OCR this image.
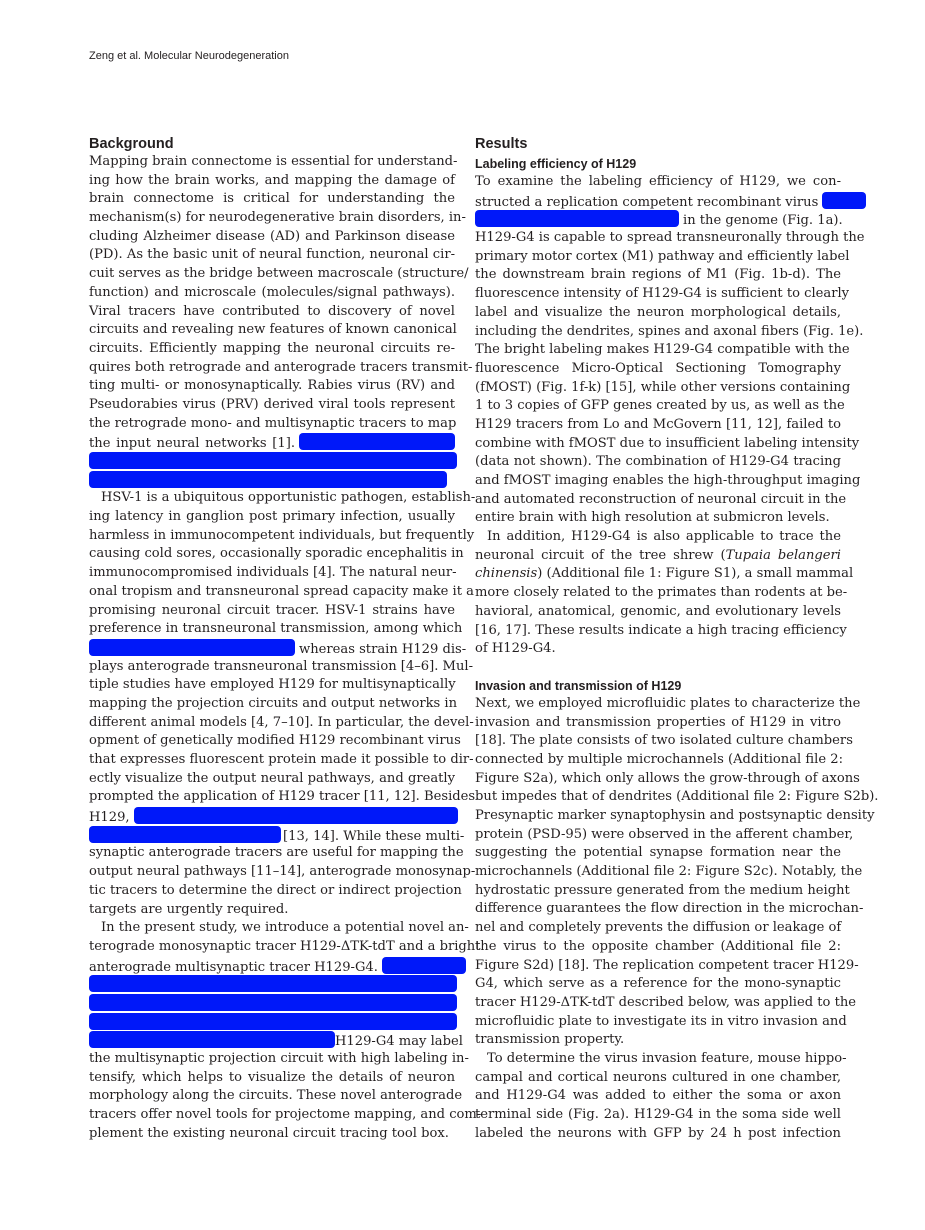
Zeng et al. Molecular Neurodegeneration
Background
Mapping brain connectome is essential for understand-
ing how the brain works, and mapping the damage of
brain connectome is critical for understanding the
mechanism(s) for neurodegenerative brain disorders, in-
cluding Alzheimer disease (AD) and Parkinson disease
(PD). As the basic unit of neural function, neuronal cir-
cuit serves as the bridge between macroscale (structure/
function) and microscale (molecules/signal pathways).
Viral tracers have contributed to discovery of novel
circuits and revealing new features of known canonical
circuits. Efficiently mapping the neuronal circuits re-
quires both retrograde and anterograde tracers transmit-
ting multi- or monosynaptically. Rabies virus (RV) and
Pseudorabies virus (PRV) derived viral tools represent
the retrograde mono- and multisynaptic tracers to map
the input neural networks [1].
HSV-1 is a ubiquitous opportunistic pathogen, establish-
ing latency in ganglion post primary infection, usually
harmless in immunocompetent individuals, but frequently
causing cold sores, occasionally sporadic encephalitis in
immunocompromised individuals [4]. The natural neur-
onal tropism and transneuronal spread capacity make it a
promising neuronal circuit tracer. HSV-1 strains have
preference in transneuronal transmission, among which
whereas strain H129 dis-
plays anterograde transneuronal transmission [4–6]. Mul-
tiple studies have employed H129 for multisynaptically
mapping the projection circuits and output networks in
different animal models [4, 7–10]. In particular, the devel-
opment of genetically modified H129 recombinant virus
that expresses fluorescent protein made it possible to dir-
ectly visualize the output neural pathways, and greatly
prompted the application of H129 tracer [11, 12]. Besides
H129,
[13, 14]. While these multi-
synaptic anterograde tracers are useful for mapping the
output neural pathways [11–14], anterograde monosynap-
tic tracers to determine the direct or indirect projection
targets are urgently required.
In the present study, we introduce a potential novel an-
terograde monosynaptic tracer H129-ΔTK-tdT and a bright
anterograde multisynaptic tracer H129-G4.
H129-G4 may label
the multisynaptic projection circuit with high labeling in-
tensify, which helps to visualize the details of neuron
morphology along the circuits. These novel anterograde
tracers offer novel tools for projectome mapping, and com-
plement the existing neuronal circuit tracing tool box.
Results
Labeling efficiency of H129
To examine the labeling efficiency of H129, we con-
structed a replication competent recombinant virus
in the genome (Fig. 1a).
H129-G4 is capable to spread transneuronally through the
primary motor cortex (M1) pathway and efficiently label
the downstream brain regions of M1 (Fig. 1b-d). The
fluorescence intensity of H129-G4 is sufficient to clearly
label and visualize the neuron morphological details,
including the dendrites, spines and axonal fibers (Fig. 1e).
The bright labeling makes H129-G4 compatible with the
fluorescence Micro-Optical Sectioning Tomography
(fMOST) (Fig. 1f-k) [15], while other versions containing
1 to 3 copies of GFP genes created by us, as well as the
H129 tracers from Lo and McGovern [11, 12], failed to
combine with fMOST due to insufficient labeling intensity
(data not shown). The combination of H129-G4 tracing
and fMOST imaging enables the high-throughput imaging
and automated reconstruction of neuronal circuit in the
entire brain with high resolution at submicron levels.
In addition, H129-G4 is also applicable to trace the
neuronal circuit of the tree shrew (Tupaia belangeri
chinensis) (Additional file 1: Figure S1), a small mammal
more closely related to the primates than rodents at be-
havioral, anatomical, genomic, and evolutionary levels
[16, 17]. These results indicate a high tracing efficiency
of H129-G4.
Invasion and transmission of H129
Next, we employed microfluidic plates to characterize the
invasion and transmission properties of H129 in vitro
[18]. The plate consists of two isolated culture chambers
connected by multiple microchannels (Additional file 2:
Figure S2a), which only allows the grow-through of axons
but impedes that of dendrites (Additional file 2: Figure S2b).
Presynaptic marker synaptophysin and postsynaptic density
protein (PSD-95) were observed in the afferent chamber,
suggesting the potential synapse formation near the
microchannels (Additional file 2: Figure S2c). Notably, the
hydrostatic pressure generated from the medium height
difference guarantees the flow direction in the microchan-
nel and completely prevents the diffusion or leakage of
the virus to the opposite chamber (Additional file 2:
Figure S2d) [18]. The replication competent tracer H129-
G4, which serve as a reference for the mono-synaptic
tracer H129-ΔTK-tdT described below, was applied to the
microfluidic plate to investigate its in vitro invasion and
transmission property.
To determine the virus invasion feature, mouse hippo-
campal and cortical neurons cultured in one chamber,
and H129-G4 was added to either the soma or axon
terminal side (Fig. 2a). H129-G4 in the soma side well
labeled the neurons with GFP by 24 h post infection
